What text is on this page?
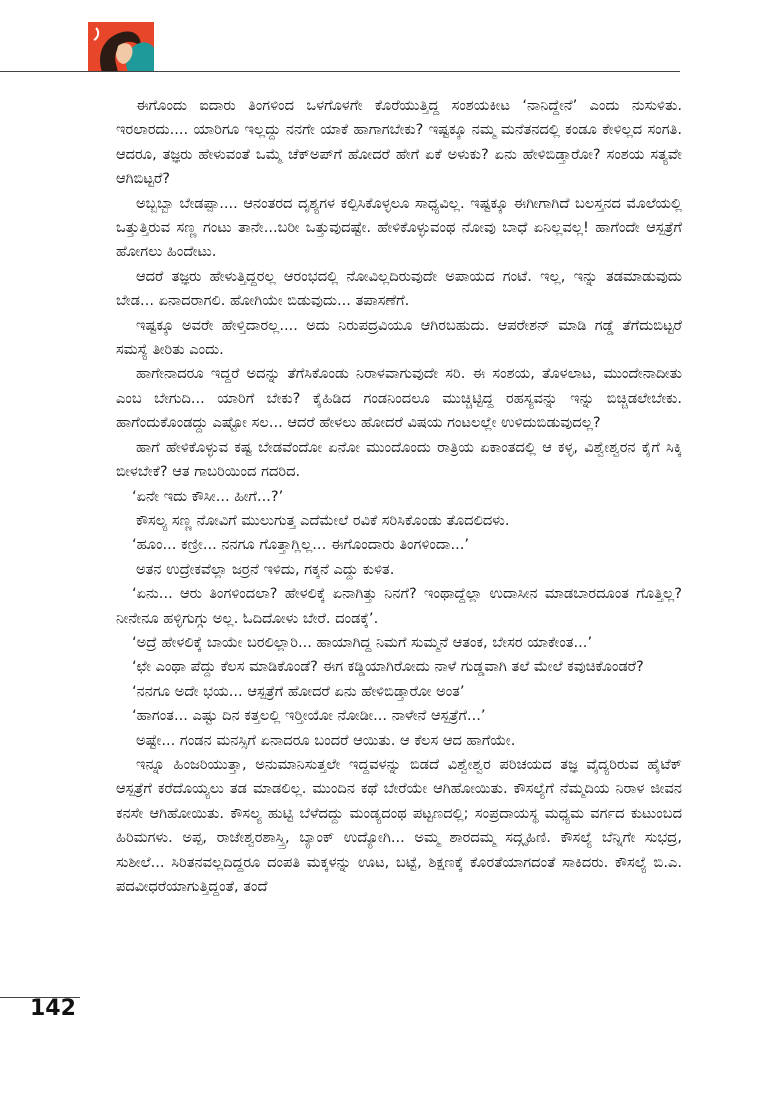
ಈಗೊಂದು ಐದಾರು ತಿಂಗಳಿಂದ ಒಳಗೊಳಗೇ ಕೊರೆಯುತ್ತಿದ್ದ ಸಂಶಯಕೀಟ ‘ನಾನಿದ್ದೇನೆ’ ಎಂದು ನುಸುಳಿತು. ಇರಲಾರದು.... ಯಾರಿಗೂ ಇಲ್ಲದ್ದು ನನಗೇ ಯಾಕೆ ಹಾಗಾಗಬೇಕು? ಇಷ್ಟಕ್ಕೂ ನಮ್ಮ ಮನೆತನದಲ್ಲಿ ಕಂಡೂ ಕೇಳಿಲ್ಲದ ಸಂಗತಿ. ಆದರೂ, ತಜ್ಞರು ಹೇಳುವಂತೆ ಒಮ್ಮೆ ಚೆಕ್‌ಅಪ್‌ಗೆ ಹೋದರೆ ಹೇಗೆ ಏಕೆ ಅಳುಕು? ಏನು ಹೇಳಿಬಿಡ್ತಾರೋ? ಸಂಶಯ ಸತ್ಯವೇ ಆಗಿಬಿಟ್ಟರೆ?

ಅಬ್ಬಬ್ಬಾ ಬೇಡಪ್ಪಾ.... ಆನಂತರದ ದೃಶ್ಯಗಳ ಕಲ್ಪಿಸಿಕೊಳ್ಳಲೂ ಸಾಧ್ಯವಿಲ್ಲ. ಇಷ್ಟಕ್ಕೂ ಈಗೀಗಾಗಿದೆ ಬಲಸ್ತನದ ಮೊಲೆಯಲ್ಲಿ ಒತ್ತುತ್ತಿರುವ ಸಣ್ಣ ಗಂಟು ತಾನೇ...ಬರೀ ಒತ್ತುವುದಷ್ಟೇ. ಹೇಳಿಕೊಳ್ಳುವಂಥ ನೋವು ಬಾಧೆ ಏನಿಲ್ಲವಲ್ಲ! ಹಾಗೆಂದೇ ಆಸ್ಪತ್ರೆಗೆ ಹೋಗಲು ಹಿಂದೇಟು.

ಆದರೆ ತಜ್ಞರು ಹೇಳುತ್ತಿದ್ದರಲ್ಲ ಆರಂಭದಲ್ಲಿ ನೋವಿಲ್ಲದಿರುವುದೇ ಅಪಾಯದ ಗಂಟೆ. ಇಲ್ಲ, ಇನ್ನು ತಡಮಾಡುವುದು ಬೇಡ... ಏನಾದರಾಗಲಿ. ಹೋಗಿಯೇ ಬಿಡುವುದು... ತಪಾಸಣೆಗೆ.

ಇಷ್ಟಕ್ಕೂ ಅವರೇ ಹೇಳ್ತಿದಾರಲ್ಲ.... ಅದು ನಿರುಪದ್ರವಿಯೂ ಆಗಿರಬಹುದು. ಆಪರೇಶನ್ ಮಾಡಿ ಗಡ್ಡೆ ತೆಗೆದುಬಿಟ್ಟರೆ ಸಮಸ್ಯೆ ತೀರಿತು ಎಂದು.

ಹಾಗೇನಾದರೂ ಇದ್ದರೆ ಅದನ್ನು ತೆಗೆಸಿಕೊಂಡು ನಿರಾಳವಾಗುವುದೇ ಸರಿ. ಈ ಸಂಶಯ, ತೊಳಲಾಟ, ಮುಂದೇನಾದೀತು ಎಂಬ ಬೇಗುದಿ... ಯಾರಿಗೆ ಬೇಕು? ಕೈಹಿಡಿದ ಗಂಡನಿಂದಲೂ ಮುಚ್ಚಿಟ್ಟಿದ್ದ ರಹಸ್ಯವನ್ನು ಇನ್ನು ಬಿಚ್ಚಿಡಲೇಬೇಕು. ಹಾಗೆಂದುಕೊಂಡದ್ದು ಎಷ್ಟೋ ಸಲ... ಆದರೆ ಹೇಳಲು ಹೋದರೆ ವಿಷಯ ಗಂಟಲಲ್ಲೇ ಉಳಿದುಬಿಡುವುದಲ್ಲ?

ಹಾಗೆ ಹೇಳಿಕೊಳ್ಳುವ ಕಷ್ಟ ಬೇಡವೆಂದೋ ಏನೋ ಮುಂದೊಂದು ರಾತ್ರಿಯ ಏಕಾಂತದಲ್ಲಿ ಆ ಕಳ್ಳ, ವಿಶ್ವೇಶ್ವರನ ಕೈಗೆ ಸಿಕ್ಕಿ ಬೀಳಬೇಕೆ? ಆತ ಗಾಬರಿಯಿಂದ ಗದರಿದ.

‘ಏನೇ ಇದು ಕೌಸೀ... ಹೀಗೆ...?’

ಕೌಸಲ್ಯ ಸಣ್ಣ ನೋವಿಗೆ ಮುಲುಗುತ್ತ ಎದೆಮೇಲೆ ರವಿಕೆ ಸರಿಸಿಕೊಂಡು ತೊದಲಿದಳು.

‘ಹೂಂ... ಕಣ್ರೀ... ನನಗೂ ಗೊತ್ತಾಗ್ಲಿಲ್ಲ... ಈಗೊಂದಾರು ತಿಂಗಳಿಂದಾ...’

ಅತನ ಉದ್ರೇಕವೆಲ್ಲಾ ಜರ್‍ರನೆ ಇಳಿದು, ಗಕ್ಕನೆ ಎದ್ದು ಕುಳಿತ.

‘ಏನು... ಆರು ತಿಂಗಳಿಂದಲಾ? ಹೇಳಲಿಕ್ಕೆ ಏನಾಗಿತ್ತು ನಿನಗೆ? ಇಂಥಾದ್ದೆಲ್ಲಾ ಉದಾಸೀನ ಮಾಡಬಾರದೂಂತ ಗೊತ್ತಿಲ್ಲ? ನೀನೇನೂ ಹಳ್ಳಿಗುಗ್ಗು ಅಲ್ಲ. ಓದಿದೋಳು ಬೇರೆ. ದಂಡಕ್ಕೆ’.

‘ಅದ್ರೆ ಹೇಳಲಿಕ್ಕೆ ಬಾಯೇ ಬರಲಿಲ್ಲಾರಿ... ಹಾಯಾಗಿದ್ದ ನಿಮಗೆ ಸುಮ್ಮನೆ ಆತಂಕ, ಬೇಸರ ಯಾಕೇಂತ...’

‘ಛೇ ಎಂಥಾ ಪೆದ್ದು ಕೆಲಸ ಮಾಡಿಕೊಂಡೆ? ಈಗ ಕಡ್ಡಿಯಾಗಿರೋದು ನಾಳೆ ಗುಡ್ಡವಾಗಿ ತಲೆ ಮೇಲೆ ಕವುಚಿಕೊಂಡರೆ?

‘ನನಗೂ ಅದೇ ಭಯ... ಆಸ್ಪತ್ರೆಗೆ ಹೋದರೆ ಏನು ಹೇಳಿಬಿಡ್ತಾರೋ ಅಂತ’

‘ಹಾಗಂತ... ಎಷ್ಟು ದಿನ ಕತ್ತಲಲ್ಲಿ ಇರ್‍ತೀಯೋ ನೋಡೀ... ನಾಳೇನೆ ಆಸ್ಪತ್ರೆಗೆ...’

ಅಷ್ಟೇ... ಗಂಡನ ಮನಸ್ಸಿಗೆ ಏನಾದರೂ ಬಂದರೆ ಆಯಿತು. ಆ ಕೆಲಸ ಆದ ಹಾಗೆಯೇ.

ಇನ್ನೂ ಹಿಂಜರಿಯುತ್ತಾ, ಅನುಮಾನಿಸುತ್ತಲೇ ಇದ್ದವಳನ್ನು ಬಿಡದೆ ವಿಶ್ವೇಶ್ವರ ಪರಿಚಯದ ತಜ್ಞ ವೈದ್ಯರಿರುವ ಹೈಟೆಕ್ ಆಸ್ಪತ್ರೆಗೆ ಕರೆದೊಯ್ಯಲು ತಡ ಮಾಡಲಿಲ್ಲ. ಮುಂದಿನ ಕಥೆ ಬೇರೆಯೇ ಆಗಿಹೋಯಿತು. ಕೌಸಲ್ಯೆಗೆ ನೆಮ್ಮದಿಯ ನಿರಾಳ ಜೀವನ ಕನಸೇ ಆಗಿಹೋಯಿತು. ಕೌಸಲ್ಯ ಹುಟ್ಟಿ ಬೆಳೆದದ್ದು ಮಂಡ್ಯದಂಥ ಪಟ್ಟಣದಲ್ಲಿ; ಸಂಪ್ರದಾಯಸ್ಥ ಮಧ್ಯಮ ವರ್ಗದ ಕುಟುಂಬದ ಹಿರಿಮಗಳು. ಅಪ್ಪ, ರಾಜೇಶ್ವರಶಾಸ್ತ್ರಿ, ಬ್ಯಾಂಕ್ ಉದ್ಯೋಗಿ... ಅಮ್ಮ ಶಾರದಮ್ಮ ಸದ್ಗೃಹಿಣಿ. ಕೌಸಲ್ಯೆ ಬೆನ್ನಿಗೇ ಸುಭದ್ರ, ಸುಶೀಲೆ... ಸಿರಿತನವಲ್ಲದಿದ್ದರೂ ದಂಪತಿ ಮಕ್ಕಳನ್ನು ಊಟ, ಬಟ್ಟೆ, ಶಿಕ್ಷಣಕ್ಕೆ ಕೊರತೆಯಾಗದಂತೆ ಸಾಕಿದರು. ಕೌಸಲ್ಯೆ ಬಿ.ಎ. ಪದವೀಧರೆಯಾಗುತ್ತಿದ್ದಂತೆ, ತಂದೆ

142
